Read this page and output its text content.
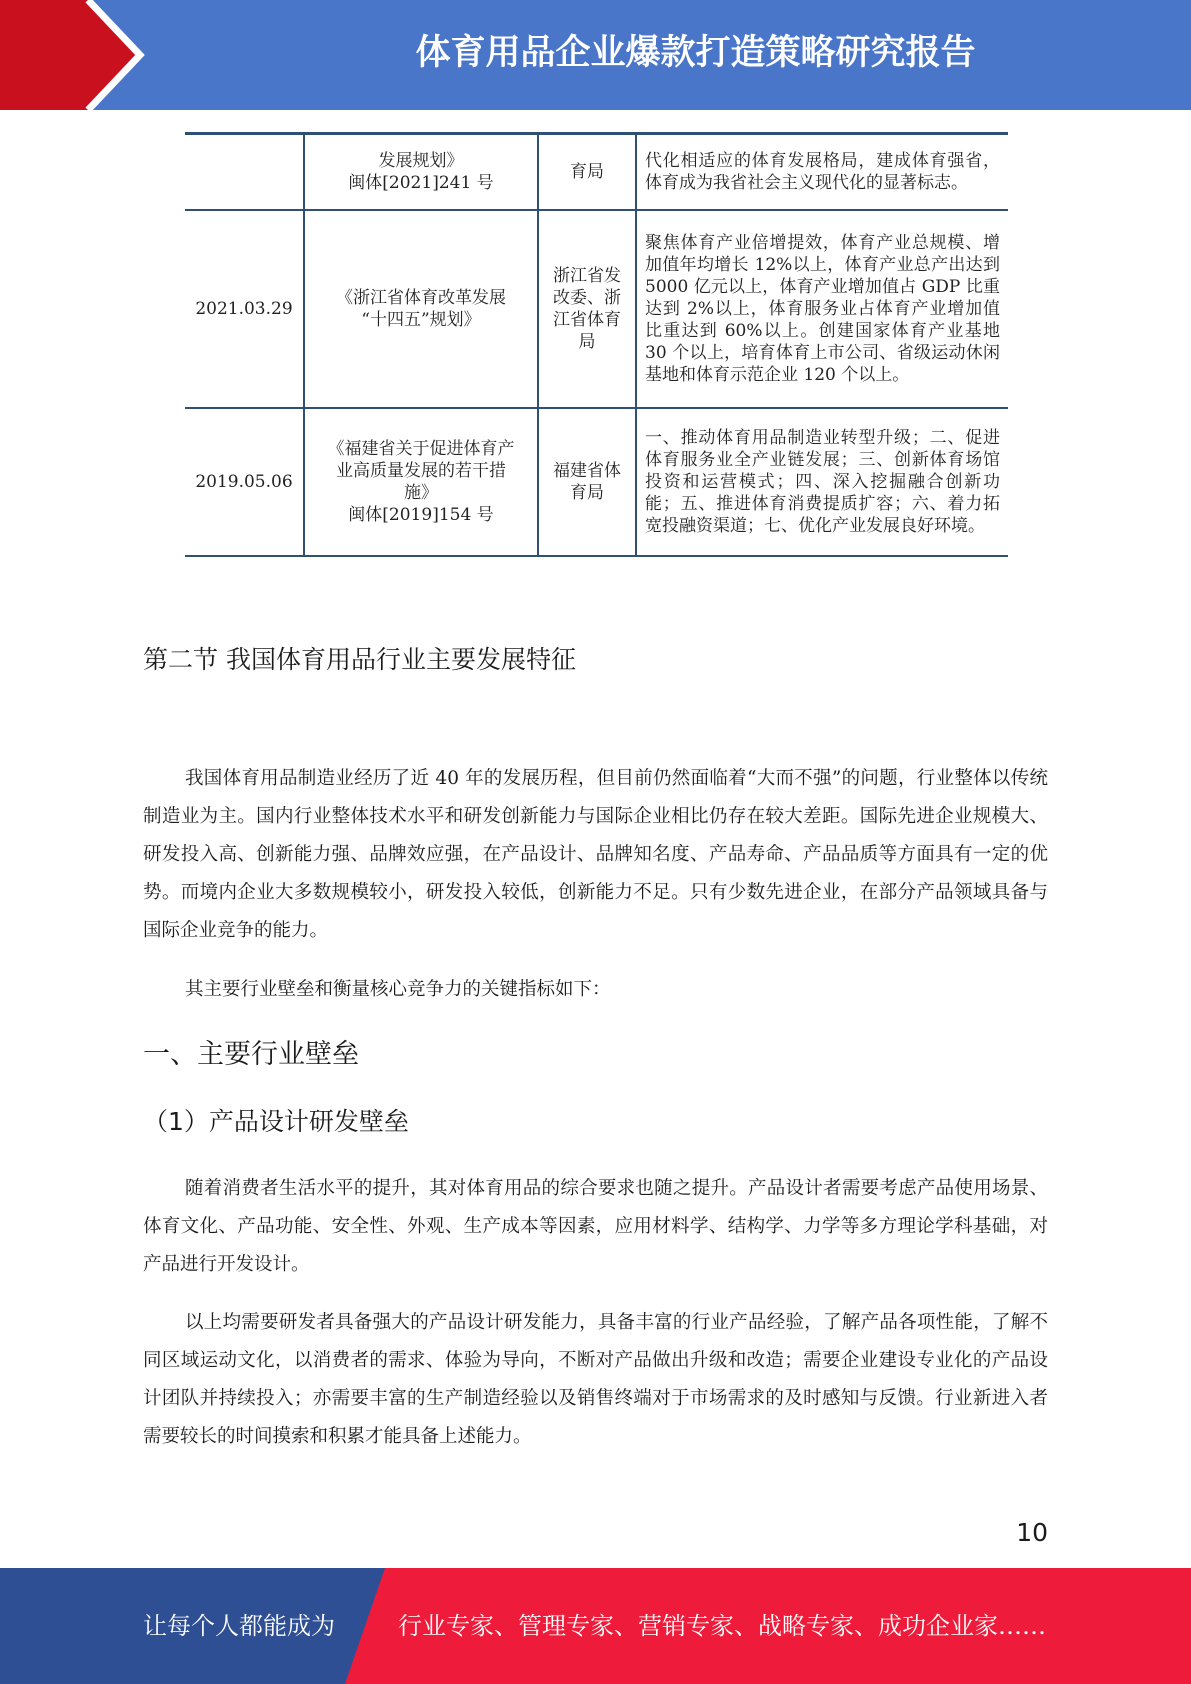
体育用品企业爆款打造策略研究报告

	发展规划》
闽体[2021]241 号	育局	代化相适应的体育发展格局，建成体育强省，体育成为我省社会主义现代化的显著标志。
2021.03.29	《浙江省体育改革发展
“十四五”规划》	浙江省发改委、浙江省体育局	聚焦体育产业倍增提效，体育产业总规模、增加值年均增长 12%以上，体育产业总产出达到 5000 亿元以上，体育产业增加值占 GDP 比重达到 2%以上，体育服务业占体育产业增加值比重达到 60%以上。创建国家体育产业基地 30 个以上，培育体育上市公司、省级运动休闲基地和体育示范企业 120 个以上。
2019.05.06	《福建省关于促进体育产
业高质量发展的若干措
施》
闽体[2019]154 号	福建省体育局	一、推动体育用品制造业转型升级；二、促进体育服务业全产业链发展；三、创新体育场馆投资和运营模式；四、深入挖掘融合创新功能；五、推进体育消费提质扩容；六、着力拓宽投融资渠道；七、优化产业发展良好环境。
第二节 我国体育用品行业主要发展特征
我国体育用品制造业经历了近 40 年的发展历程，但目前仍然面临着“大而不强”的问题，行业整体以传统制造业为主。国内行业整体技术水平和研发创新能力与国际企业相比仍存在较大差距。国际先进企业规模大、研发投入高、创新能力强、品牌效应强，在产品设计、品牌知名度、产品寿命、产品品质等方面具有一定的优势。而境内企业大多数规模较小，研发投入较低，创新能力不足。只有少数先进企业，在部分产品领域具备与国际企业竞争的能力。
其主要行业壁垒和衡量核心竞争力的关键指标如下：
一、主要行业壁垒
（1）产品设计研发壁垒
随着消费者生活水平的提升，其对体育用品的综合要求也随之提升。产品设计者需要考虑产品使用场景、体育文化、产品功能、安全性、外观、生产成本等因素，应用材料学、结构学、力学等多方理论学科基础，对产品进行开发设计。
以上均需要研发者具备强大的产品设计研发能力，具备丰富的行业产品经验，了解产品各项性能，了解不同区域运动文化，以消费者的需求、体验为导向，不断对产品做出升级和改造；需要企业建设专业化的产品设计团队并持续投入；亦需要丰富的生产制造经验以及销售终端对于市场需求的及时感知与反馈。行业新进入者需要较长的时间摸索和积累才能具备上述能力。
10
让每个人都能成为	行业专家、管理专家、营销专家、战略专家、成功企业家……
